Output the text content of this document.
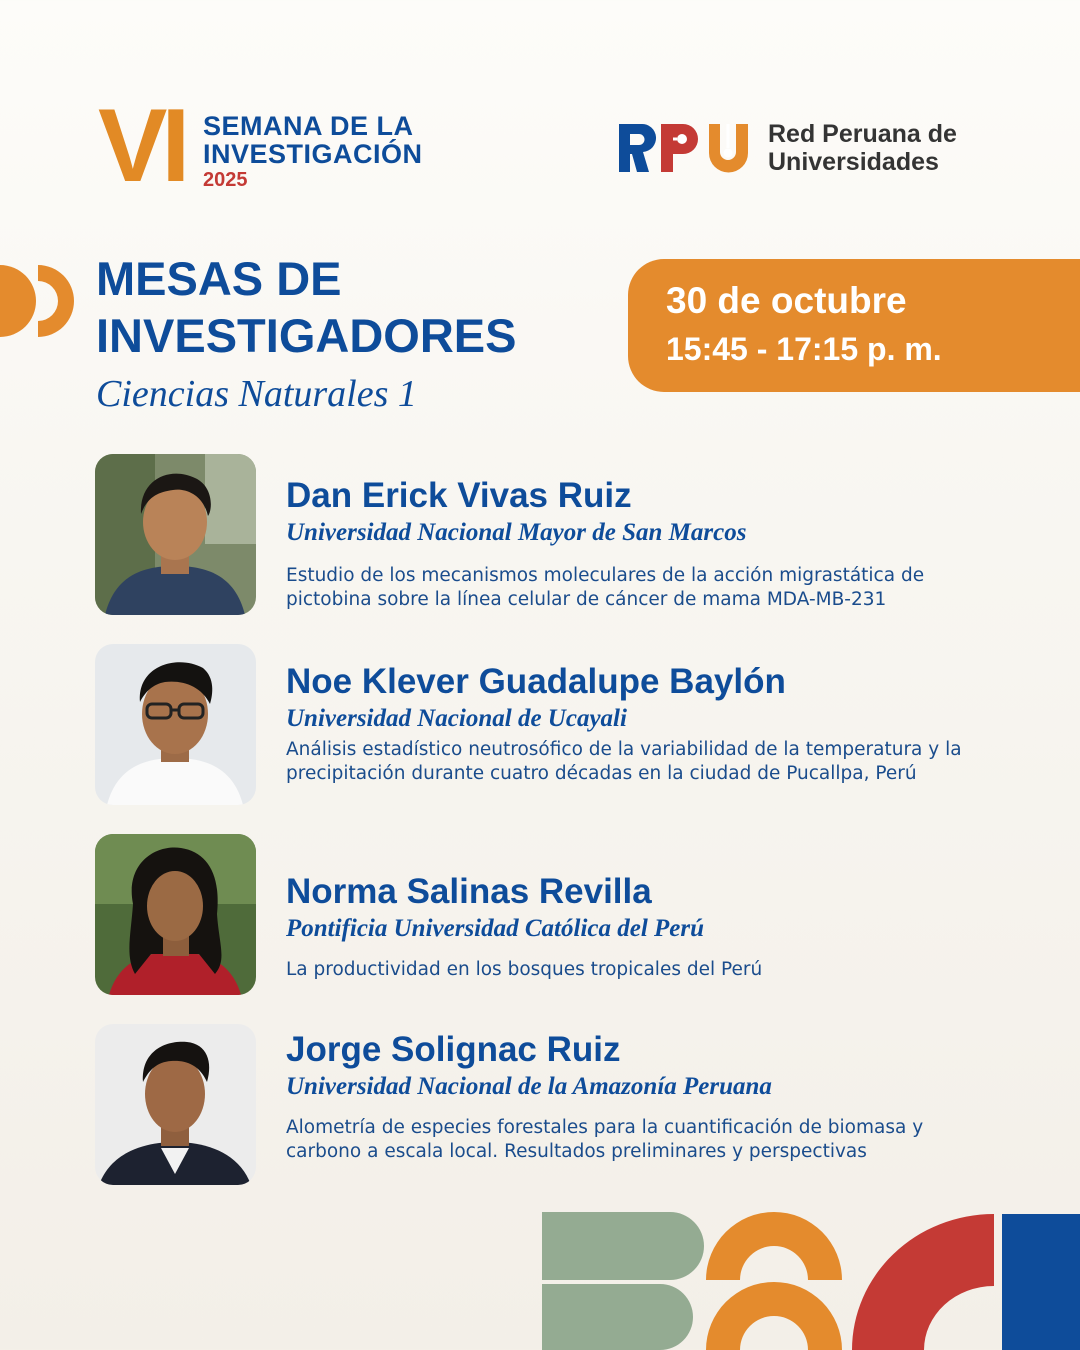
VI SEMANA DE LA
INVESTIGACIÓN
2025
Red Peruana de
Universidades
MESAS DE
INVESTIGADORES
Ciencias Naturales 1
30 de octubre
15:45 - 17:15 p. m.
Dan Erick Vivas Ruiz
Universidad Nacional Mayor de San Marcos
Estudio de los mecanismos moleculares de la acción migrastática de pictobina sobre la línea celular de cáncer de mama MDA-MB-231
Noe Klever Guadalupe Baylón
Universidad Nacional de Ucayali
Análisis estadístico neutrosófico de la variabilidad de la temperatura y la precipitación durante cuatro décadas en la ciudad de Pucallpa, Perú
Norma Salinas Revilla
Pontificia Universidad Católica del Perú
La productividad en los bosques tropicales del Perú
Jorge Solignac Ruiz
Universidad Nacional de la Amazonía Peruana
Alometría de especies forestales para la cuantificación de biomasa y carbono a escala local. Resultados preliminares y perspectivas
